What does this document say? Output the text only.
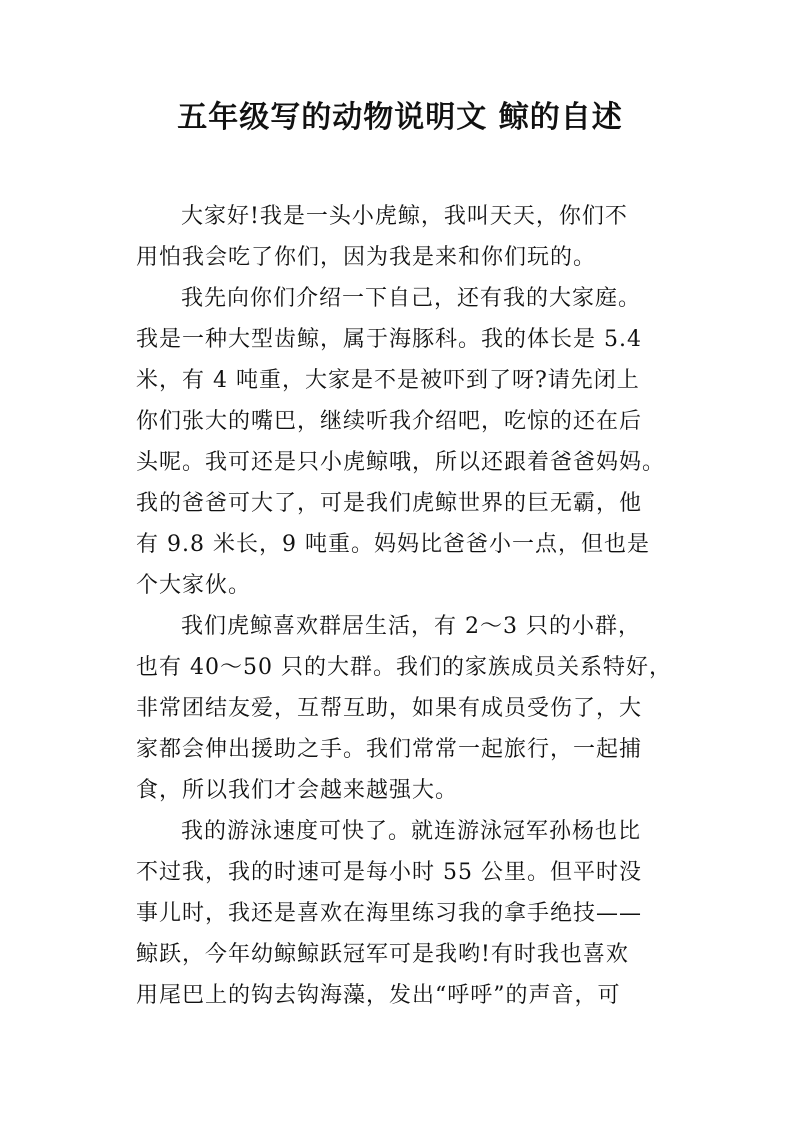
五年级写的动物说明文 鲸的自述
大家好!我是一头小虎鲸，我叫天天，你们不
用怕我会吃了你们，因为我是来和你们玩的。
我先向你们介绍一下自己，还有我的大家庭。
我是一种大型齿鲸，属于海豚科。我的体长是 5.4
米，有 4 吨重，大家是不是被吓到了呀?请先闭上
你们张大的嘴巴，继续听我介绍吧，吃惊的还在后
头呢。我可还是只小虎鲸哦，所以还跟着爸爸妈妈。
我的爸爸可大了，可是我们虎鲸世界的巨无霸，他
有 9.8 米长，9 吨重。妈妈比爸爸小一点，但也是
个大家伙。
我们虎鲸喜欢群居生活，有 2～3 只的小群，
也有 40～50 只的大群。我们的家族成员关系特好，
非常团结友爱，互帮互助，如果有成员受伤了，大
家都会伸出援助之手。我们常常一起旅行，一起捕
食，所以我们才会越来越强大。
我的游泳速度可快了。就连游泳冠军孙杨也比
不过我，我的时速可是每小时 55 公里。但平时没
事儿时，我还是喜欢在海里练习我的拿手绝技——
鲸跃，今年幼鲸鲸跃冠军可是我哟!有时我也喜欢
用尾巴上的钩去钩海藻，发出“呼呼”的声音，可
